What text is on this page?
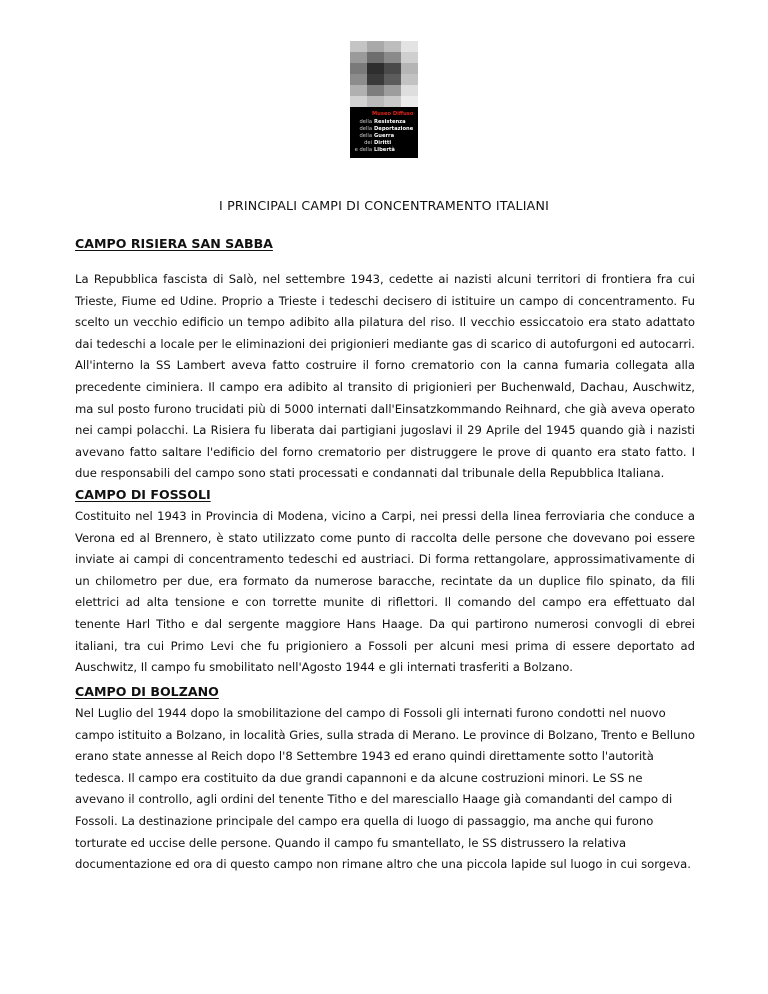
Museo Diffuso
della Resistenza
della Deportazione
della Guerra
dei Diritti
e della Libertà
I PRINCIPALI CAMPI DI CONCENTRAMENTO ITALIANI
CAMPO RISIERA SAN SABBA

La Repubblica fascista di Salò, nel settembre 1943, cedette ai nazisti alcuni territori di frontiera fra cui Trieste, Fiume ed Udine. Proprio a Trieste i tedeschi decisero di istituire un campo di concentramento. Fu scelto un vecchio edificio un tempo adibito alla pilatura del riso. Il vecchio essiccatoio era stato adattato dai tedeschi a locale per le eliminazioni dei prigionieri mediante gas di scarico di autofurgoni ed autocarri. All'interno la SS Lambert aveva fatto costruire il forno crematorio con la canna fumaria collegata alla precedente ciminiera. Il campo era adibito al transito di prigionieri per Buchenwald, Dachau, Auschwitz, ma sul posto furono trucidati più di 5000 internati dall'Einsatzkommando Reihnard, che già aveva operato nei campi polacchi. La Risiera fu liberata dai partigiani jugoslavi il 29 Aprile del 1945 quando già i nazisti avevano fatto saltare l'edificio del forno crematorio per distruggere le prove di quanto era stato fatto. I due responsabili del campo sono stati processati e condannati dal tribunale della Repubblica Italiana.

CAMPO DI FOSSOLI

Costituito nel 1943 in Provincia di Modena, vicino a Carpi, nei pressi della linea ferroviaria che conduce a Verona ed al Brennero, è stato utilizzato come punto di raccolta delle persone che dovevano poi essere inviate ai campi di concentramento tedeschi ed austriaci. Di forma rettangolare, approssimativamente di un chilometro per due, era formato da numerose baracche, recintate da un duplice filo spinato, da fili elettrici ad alta tensione e con torrette munite di riflettori. Il comando del campo era effettuato dal tenente Harl Titho e dal sergente maggiore Hans Haage. Da qui partirono numerosi convogli di ebrei italiani, tra cui Primo Levi che fu prigioniero a Fossoli per alcuni mesi prima di essere deportato ad Auschwitz, Il campo fu smobilitato nell'Agosto 1944 e gli internati trasferiti a Bolzano.

CAMPO DI BOLZANO

Nel Luglio del 1944 dopo la smobilitazione del campo di Fossoli gli internati furono condotti nel nuovo campo istituito a Bolzano, in località Gries, sulla strada di Merano. Le province di Bolzano, Trento e Belluno erano state annesse al Reich dopo l'8 Settembre 1943 ed erano quindi direttamente sotto l'autorità tedesca. Il campo era costituito da due grandi capannoni e da alcune costruzioni minori. Le SS ne avevano il controllo, agli ordini del tenente Titho e del maresciallo Haage già comandanti del campo di Fossoli. La destinazione principale del campo era quella di luogo di passaggio, ma anche qui furono torturate ed uccise delle persone. Quando il campo fu smantellato, le SS distrussero la relativa documentazione ed ora di questo campo non rimane altro che una piccola lapide sul luogo in cui sorgeva.
